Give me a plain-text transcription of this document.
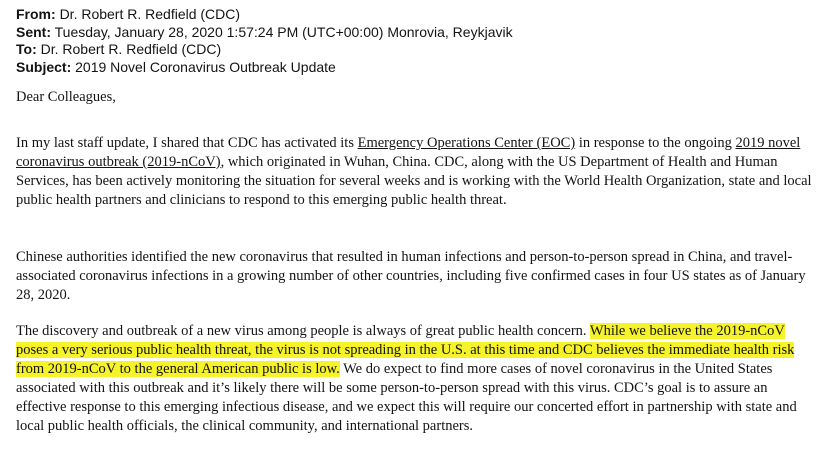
From: Dr. Robert R. Redfield (CDC)
Sent: Tuesday, January 28, 2020 1:57:24 PM (UTC+00:00) Monrovia, Reykjavik
To: Dr. Robert R. Redfield (CDC)
Subject: 2019 Novel Coronavirus Outbreak Update

Dear Colleagues,

In my last staff update, I shared that CDC has activated its Emergency Operations Center (EOC) in response to the ongoing 2019 novel coronavirus outbreak (2019-nCoV), which originated in Wuhan, China. CDC, along with the US Department of Health and Human Services, has been actively monitoring the situation for several weeks and is working with the World Health Organization, state and local public health partners and clinicians to respond to this emerging public health threat.

Chinese authorities identified the new coronavirus that resulted in human infections and person-to-person spread in China, and travel-associated coronavirus infections in a growing number of other countries, including five confirmed cases in four US states as of January 28, 2020.

The discovery and outbreak of a new virus among people is always of great public health concern. While we believe the 2019-nCoV poses a very serious public health threat, the virus is not spreading in the U.S. at this time and CDC believes the immediate health risk from 2019-nCoV to the general American public is low. We do expect to find more cases of novel coronavirus in the United States associated with this outbreak and it’s likely there will be some person-to-person spread with this virus. CDC’s goal is to assure an effective response to this emerging infectious disease, and we expect this will require our concerted effort in partnership with state and local public health officials, the clinical community, and international partners.
